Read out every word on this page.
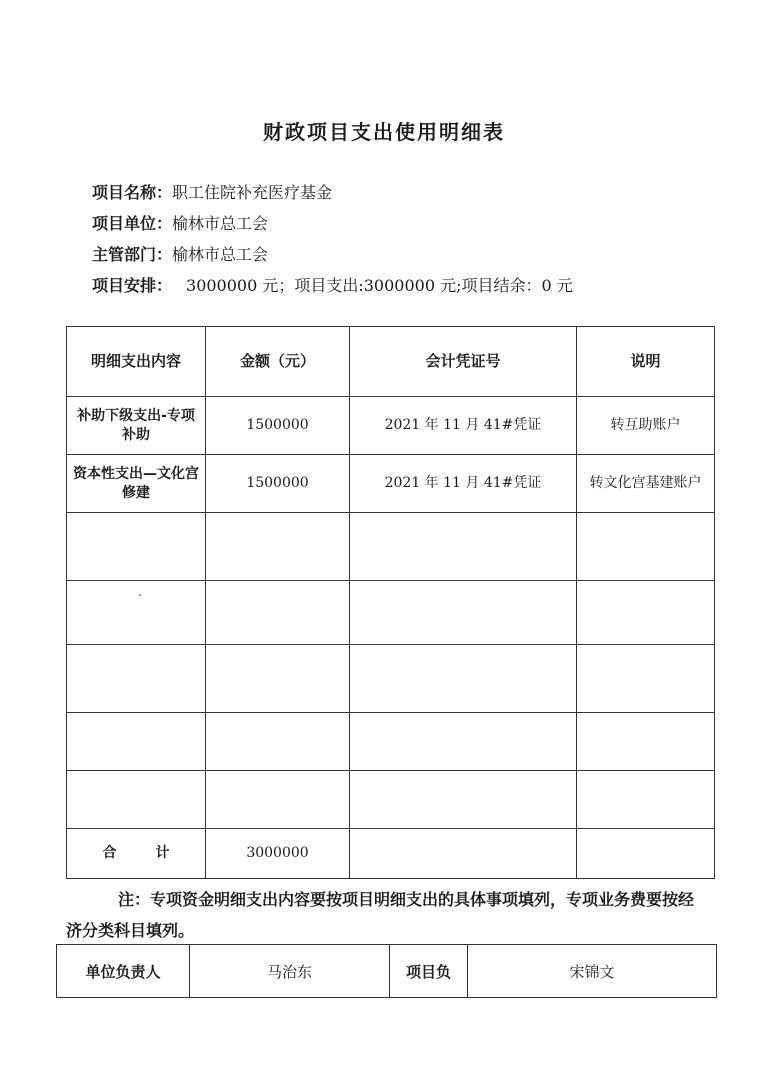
财政项目支出使用明细表
项目名称：职工住院补充医疗基金
项目单位：榆林市总工会
主管部门：榆林市总工会
项目安排： 3000000 元；项目支出:3000000 元;项目结余：0 元
明细支出内容	金额（元）	会计凭证号	说明
补助下级支出-专项补助	1500000	2021 年 11 月 41#凭证	转互助账户
资本性支出—文化宫修建	1500000	2021 年 11 月 41#凭证	转文化宫基建账户

合        计	3000000		
注：专项资金明细支出内容要按项目明细支出的具体事项填列，专项业务费要按经济分类科目填列。
单位负责人	马治东	项目负	宋锦文
